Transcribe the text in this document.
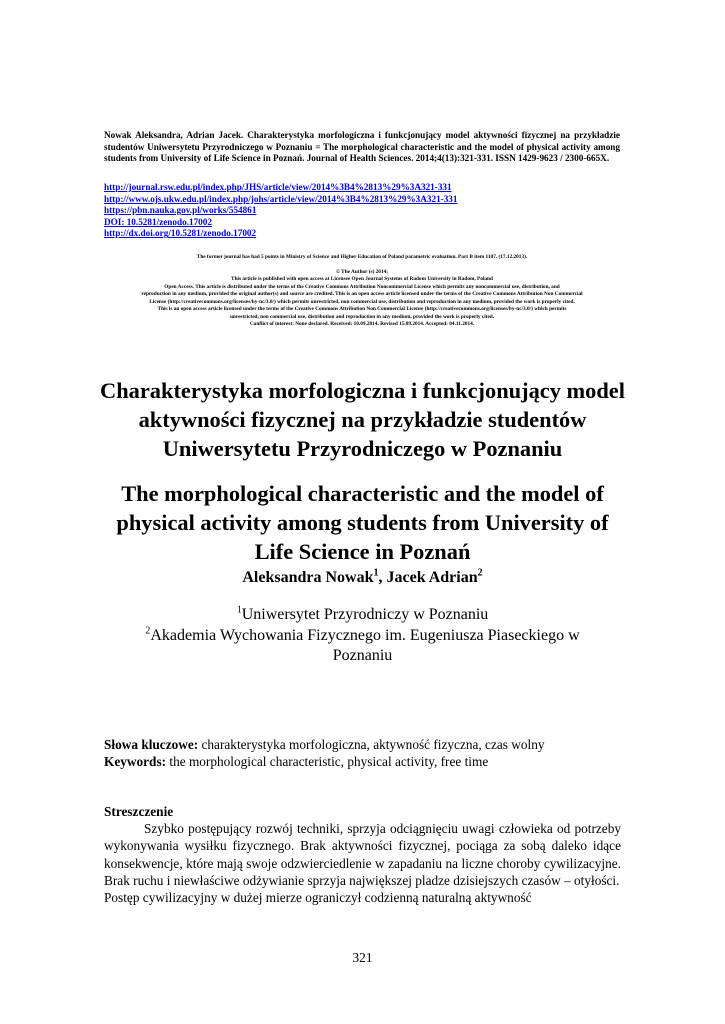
Nowak Aleksandra, Adrian Jacek. Charakterystyka morfologiczna i funkcjonujący model aktywności fizycznej na przykładzie studentów Uniwersytetu Przyrodniczego w Poznaniu = The morphological characteristic and the model of physical activity among students from University of Life Science in Poznań. Journal of Health Sciences. 2014;4(13):321-331. ISSN 1429-9623 / 2300-665X.
http://journal.rsw.edu.pl/index.php/JHS/article/view/2014%3B4%2813%29%3A321-331
http://www.ojs.ukw.edu.pl/index.php/johs/article/view/2014%3B4%2813%29%3A321-331
https://pbn.nauka.gov.pl/works/554861
DOI: 10.5281/zenodo.17002
http://dx.doi.org/10.5281/zenodo.17002
The former journal has had 5 points in Ministry of Science and Higher Education of Poland parametric evaluation. Part B item 1107. (17.12.2013).
© The Author (s) 2014;
This article is published with open access at Licensee Open Journal Systems of Radom University in Radom, Poland
Open Access. This article is distributed under the terms of the Creative Commons Attribution Noncommercial License which permits any noncommercial use, distribution, and
reproduction in any medium, provided the original author(s) and source are credited. This is an open access article licensed under the terms of the Creative Commons Attribution Non Commercial
License (http://creativecommons.org/licenses/by-nc/3.0/) which permits unrestricted, non commercial use, distribution and reproduction in any medium, provided the work is properly cited.
This is an open access article licensed under the terms of the Creative Commons Attribution Non Commercial License (http://creativecommons.org/licenses/by-nc/3.0/) which permits
unrestricted, non commercial use, distribution and reproduction in any medium, provided the work is properly cited.
Conflict of interest: None declared. Received: 10.09.2014. Revised 15.09.2014. Accepted: 04.11.2014.
Charakterystyka morfologiczna i funkcjonujący model
aktywności fizycznej na przykładzie studentów
Uniwersytetu Przyrodniczego w Poznaniu
The morphological characteristic and the model of
physical activity among students from University of
Life Science in Poznań
Aleksandra Nowak$^1$, Jacek Adrian$^2$
$^1$Uniwersytet Przyrodniczy w Poznaniu
$^2$Akademia Wychowania Fizycznego im. Eugeniusza Piaseckiego w
Poznaniu
Słowa kluczowe: charakterystyka morfologiczna, aktywność fizyczna, czas wolny
Keywords: the morphological characteristic, physical activity, free time
Streszczenie

Szybko postępujący rozwój techniki, sprzyja odciągnięciu uwagi człowieka od potrzeby wykonywania wysiłku fizycznego. Brak aktywności fizycznej, pociąga za sobą daleko idące konsekwencje, które mają swoje odzwierciedlenie w zapadaniu na liczne choroby cywilizacyjne. Brak ruchu i niewłaściwe odżywianie sprzyja największej pladze dzisiejszych czasów – otyłości.

Postęp cywilizacyjny w dużej mierze ograniczył codzienną naturalną aktywność

321
